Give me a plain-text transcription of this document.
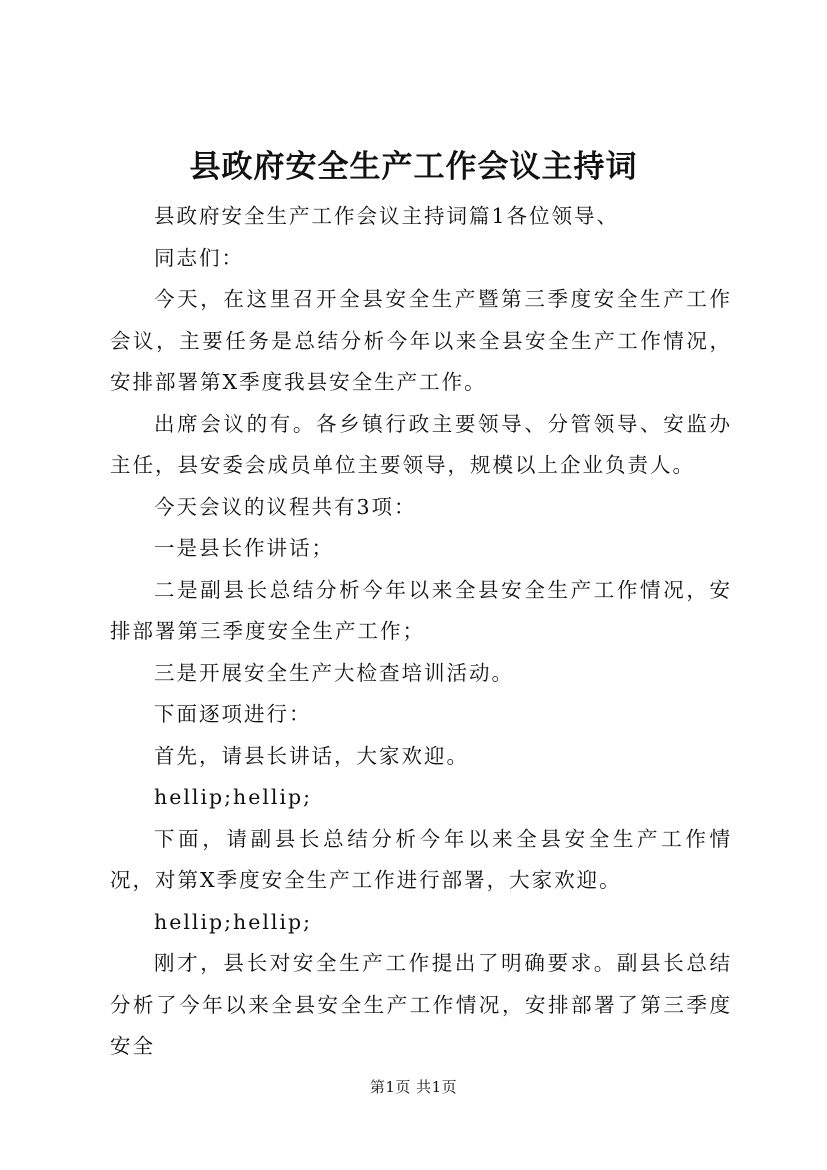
县政府安全生产工作会议主持词

县政府安全生产工作会议主持词篇1各位领导、

同志们：

今天，在这里召开全县安全生产暨第三季度安全生产工作会议，主要任务是总结分析今年以来全县安全生产工作情况，安排部署第X季度我县安全生产工作。

出席会议的有。各乡镇行政主要领导、分管领导、安监办主任，县安委会成员单位主要领导，规模以上企业负责人。

今天会议的议程共有3项：

一是县长作讲话；

二是副县长总结分析今年以来全县安全生产工作情况，安排部署第三季度安全生产工作；

三是开展安全生产大检查培训活动。

下面逐项进行：

首先，请县长讲话，大家欢迎。

hellip;hellip;

下面，请副县长总结分析今年以来全县安全生产工作情况，对第X季度安全生产工作进行部署，大家欢迎。

hellip;hellip;

刚才，县长对安全生产工作提出了明确要求。副县长总结分析了今年以来全县安全生产工作情况，安排部署了第三季度安全

第1页 共1页
